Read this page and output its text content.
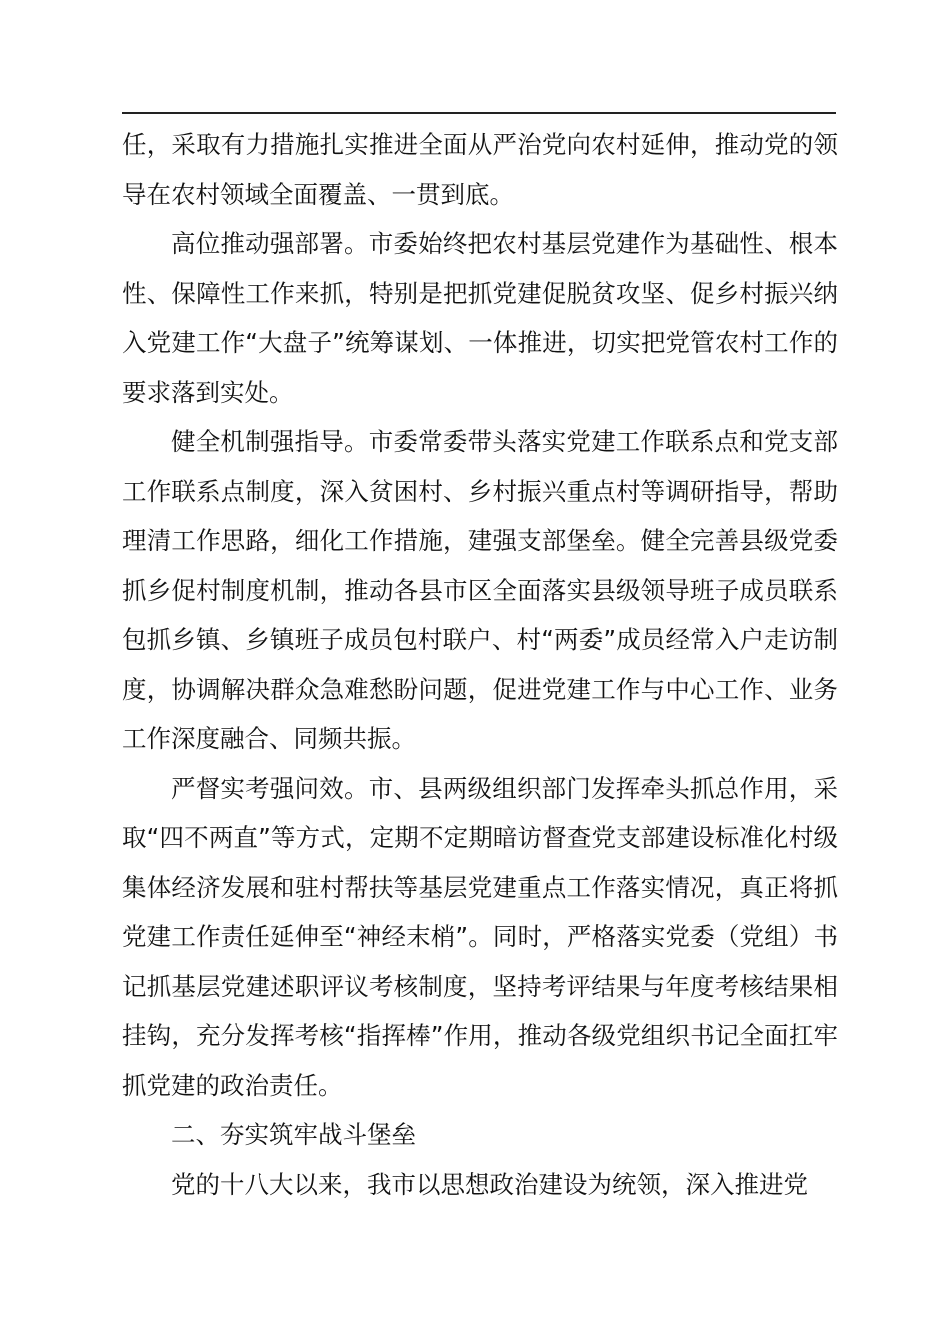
任，采取有力措施扎实推进全面从严治党向农村延伸，推动党的领导在农村领域全面覆盖、一贯到底。

高位推动强部署。市委始终把农村基层党建作为基础性、根本性、保障性工作来抓，特别是把抓党建促脱贫攻坚、促乡村振兴纳入党建工作“大盘子”统筹谋划、一体推进，切实把党管农村工作的要求落到实处。

健全机制强指导。市委常委带头落实党建工作联系点和党支部工作联系点制度，深入贫困村、乡村振兴重点村等调研指导，帮助理清工作思路，细化工作措施，建强支部堡垒。健全完善县级党委抓乡促村制度机制，推动各县市区全面落实县级领导班子成员联系包抓乡镇、乡镇班子成员包村联户、村“两委”成员经常入户走访制度，协调解决群众急难愁盼问题，促进党建工作与中心工作、业务工作深度融合、同频共振。

严督实考强问效。市、县两级组织部门发挥牵头抓总作用，采取“四不两直”等方式，定期不定期暗访督查党支部建设标准化村级集体经济发展和驻村帮扶等基层党建重点工作落实情况，真正将抓党建工作责任延伸至“神经末梢”。同时，严格落实党委（党组）书记抓基层党建述职评议考核制度，坚持考评结果与年度考核结果相挂钩，充分发挥考核“指挥棒”作用，推动各级党组织书记全面扛牢抓党建的政治责任。

二、夯实筑牢战斗堡垒

党的十八大以来，我市以思想政治建设为统领，深入推进党
